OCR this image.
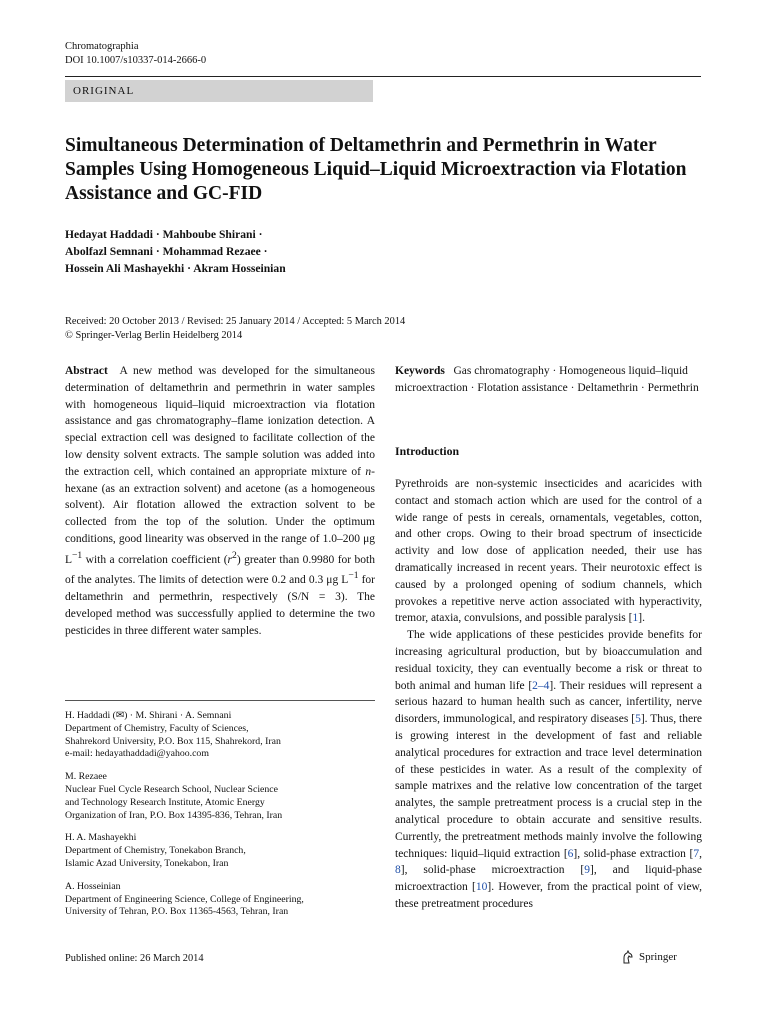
Chromatographia
DOI 10.1007/s10337-014-2666-0
ORIGINAL
Simultaneous Determination of Deltamethrin and Permethrin in Water Samples Using Homogeneous Liquid–Liquid Microextraction via Flotation Assistance and GC-FID
Hedayat Haddadi · Mahboube Shirani ·
Abolfazl Semnani · Mohammad Rezaee ·
Hossein Ali Mashayekhi · Akram Hosseinian
Received: 20 October 2013 / Revised: 25 January 2014 / Accepted: 5 March 2014
© Springer-Verlag Berlin Heidelberg 2014
Abstract A new method was developed for the simultaneous determination of deltamethrin and permethrin in water samples with homogeneous liquid–liquid microextraction via flotation assistance and gas chromatography–flame ionization detection. A special extraction cell was designed to facilitate collection of the low density solvent extracts. The sample solution was added into the extraction cell, which contained an appropriate mixture of n-hexane (as an extraction solvent) and acetone (as a homogeneous solvent). Air flotation allowed the extraction solvent to be collected from the top of the solution. Under the optimum conditions, good linearity was observed in the range of 1.0–200 μg $L^{-1}$ with a correlation coefficient $(r^2)$ greater than 0.9980 for both of the analytes. The limits of detection were 0.2 and 0.3 μg $L^{-1}$ for deltamethrin and permethrin, respectively (S/N = 3). The developed method was successfully applied to determine the two pesticides in three different water samples.
Keywords Gas chromatography · Homogeneous liquid–liquid microextraction · Flotation assistance · Deltamethrin · Permethrin
Introduction

Pyrethroids are non-systemic insecticides and acaricides with contact and stomach action which are used for the control of a wide range of pests in cereals, ornamentals, vegetables, cotton, and other crops. Owing to their broad spectrum of insecticide activity and low dose of application needed, their use has dramatically increased in recent years. Their neurotoxic effect is caused by a prolonged opening of sodium channels, which provokes a repetitive nerve action associated with hyperactivity, tremor, ataxia, convulsions, and possible paralysis [1].

The wide applications of these pesticides provide benefits for increasing agricultural production, but by bioaccumulation and residual toxicity, they can eventually become a risk or threat to both animal and human life [2–4]. Their residues will represent a serious hazard to human health such as cancer, infertility, nerve disorders, immunological, and respiratory diseases [5]. Thus, there is growing interest in the development of fast and reliable analytical procedures for extraction and trace level determination of these pesticides in water. As a result of the complexity of sample matrixes and the relative low concentration of the target analytes, the sample pretreatment process is a crucial step in the analytical procedure to obtain accurate and sensitive results. Currently, the pretreatment methods mainly involve the following techniques: liquid–liquid extraction [6], solid-phase extraction [7, 8], solid-phase microextraction [9], and liquid-phase microextraction [10]. However, from the practical point of view, these pretreatment procedures

H. Haddadi (✉) · M. Shirani · A. Semnani
Department of Chemistry, Faculty of Sciences,
Shahrekord University, P.O. Box 115, Shahrekord, Iran
e-mail: hedayathaddadi@yahoo.com
M. Rezaee
Nuclear Fuel Cycle Research School, Nuclear Science
and Technology Research Institute, Atomic Energy
Organization of Iran, P.O. Box 14395-836, Tehran, Iran
H. A. Mashayekhi
Department of Chemistry, Tonekabon Branch,
Islamic Azad University, Tonekabon, Iran
A. Hosseinian
Department of Engineering Science, College of Engineering,
University of Tehran, P.O. Box 11365-4563, Tehran, Iran
Published online: 26 March 2014	Springer
